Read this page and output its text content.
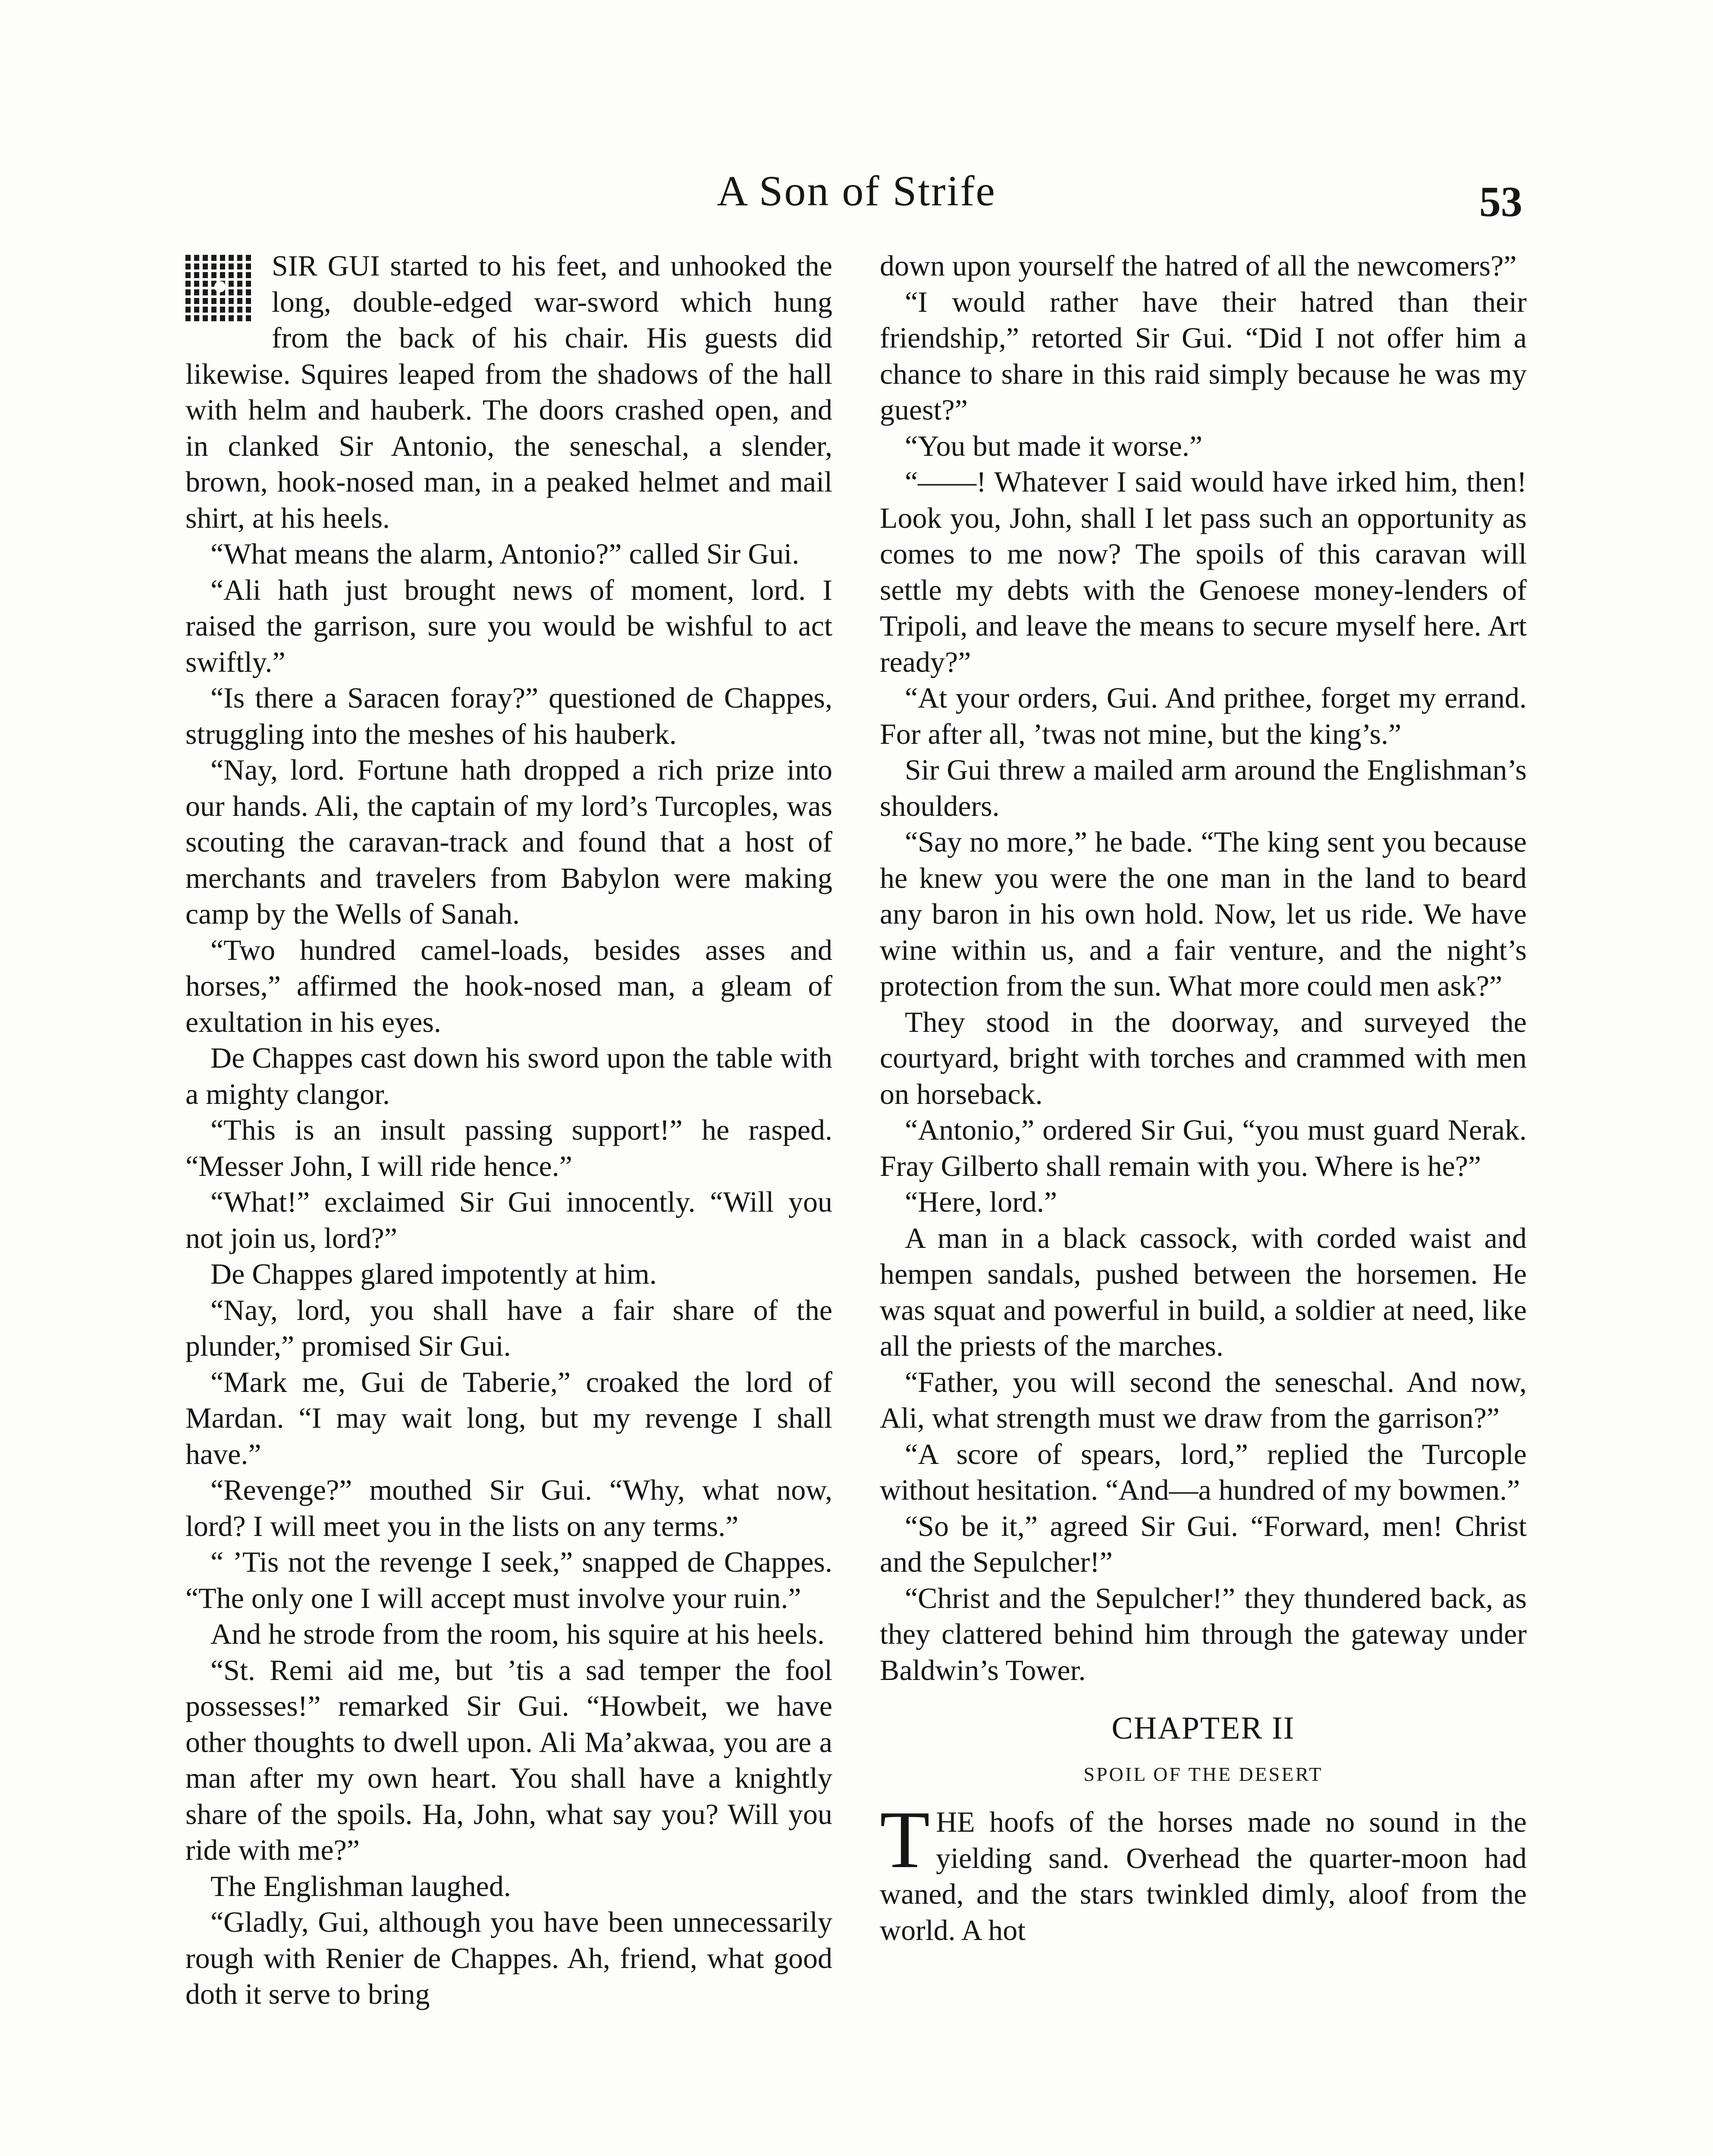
A Son of Strife	53

SIR GUI started to his feet, and unhooked the long, double-edged war-sword which hung from the back of his chair. His guests did likewise. Squires leaped from the shadows of the hall with helm and hauberk. The doors crashed open, and in clanked Sir Antonio, the seneschal, a slender, brown, hook-nosed man, in a peaked helmet and mail shirt, at his heels.

“What means the alarm, Antonio?” called Sir Gui.

“Ali hath just brought news of moment, lord. I raised the garrison, sure you would be wishful to act swiftly.”

“Is there a Saracen foray?” questioned de Chappes, struggling into the meshes of his hauberk.

“Nay, lord. Fortune hath dropped a rich prize into our hands. Ali, the captain of my lord’s Turcoples, was scouting the caravan-track and found that a host of merchants and travelers from Babylon were making camp by the Wells of Sanah.

“Two hundred camel-loads, besides asses and horses,” affirmed the hook-nosed man, a gleam of exultation in his eyes.

De Chappes cast down his sword upon the table with a mighty clangor.

“This is an insult passing support!” he rasped. “Messer John, I will ride hence.”

“What!” exclaimed Sir Gui innocently. “Will you not join us, lord?”

De Chappes glared impotently at him.

“Nay, lord, you shall have a fair share of the plunder,” promised Sir Gui.

“Mark me, Gui de Taberie,” croaked the lord of Mardan. “I may wait long, but my revenge I shall have.”

“Revenge?” mouthed Sir Gui. “Why, what now, lord? I will meet you in the lists on any terms.”

“ ’Tis not the revenge I seek,” snapped de Chappes. “The only one I will accept must involve your ruin.”

And he strode from the room, his squire at his heels.

“St. Remi aid me, but ’tis a sad temper the fool possesses!” remarked Sir Gui. “Howbeit, we have other thoughts to dwell upon. Ali Ma’akwaa, you are a man after my own heart. You shall have a knightly share of the spoils. Ha, John, what say you? Will you ride with me?”

The Englishman laughed.

“Gladly, Gui, although you have been unnecessarily rough with Renier de Chappes. Ah, friend, what good doth it serve to bring

down upon yourself the hatred of all the newcomers?”

“I would rather have their hatred than their friendship,” retorted Sir Gui. “Did I not offer him a chance to share in this raid simply because he was my guest?”

“You but made it worse.”

“——! Whatever I said would have irked him, then! Look you, John, shall I let pass such an opportunity as comes to me now? The spoils of this caravan will settle my debts with the Genoese money-lenders of Tripoli, and leave the means to secure myself here. Art ready?”

“At your orders, Gui. And prithee, forget my errand. For after all, ’twas not mine, but the king’s.”

Sir Gui threw a mailed arm around the Englishman’s shoulders.

“Say no more,” he bade. “The king sent you because he knew you were the one man in the land to beard any baron in his own hold. Now, let us ride. We have wine within us, and a fair venture, and the night’s protection from the sun. What more could men ask?”

They stood in the doorway, and surveyed the courtyard, bright with torches and crammed with men on horseback.

“Antonio,” ordered Sir Gui, “you must guard Nerak. Fray Gilberto shall remain with you. Where is he?”

“Here, lord.”

A man in a black cassock, with corded waist and hempen sandals, pushed between the horsemen. He was squat and powerful in build, a soldier at need, like all the priests of the marches.

“Father, you will second the seneschal. And now, Ali, what strength must we draw from the garrison?”

“A score of spears, lord,” replied the Turcople without hesitation. “And—a hundred of my bowmen.”

“So be it,” agreed Sir Gui. “Forward, men! Christ and the Sepulcher!”

“Christ and the Sepulcher!” they thundered back, as they clattered behind him through the gateway under Baldwin’s Tower.

CHAPTER II
SPOIL OF THE DESERT

THE hoofs of the horses made no sound in the yielding sand. Overhead the quarter-moon had waned, and the stars twinkled dimly, aloof from the world. A hot
